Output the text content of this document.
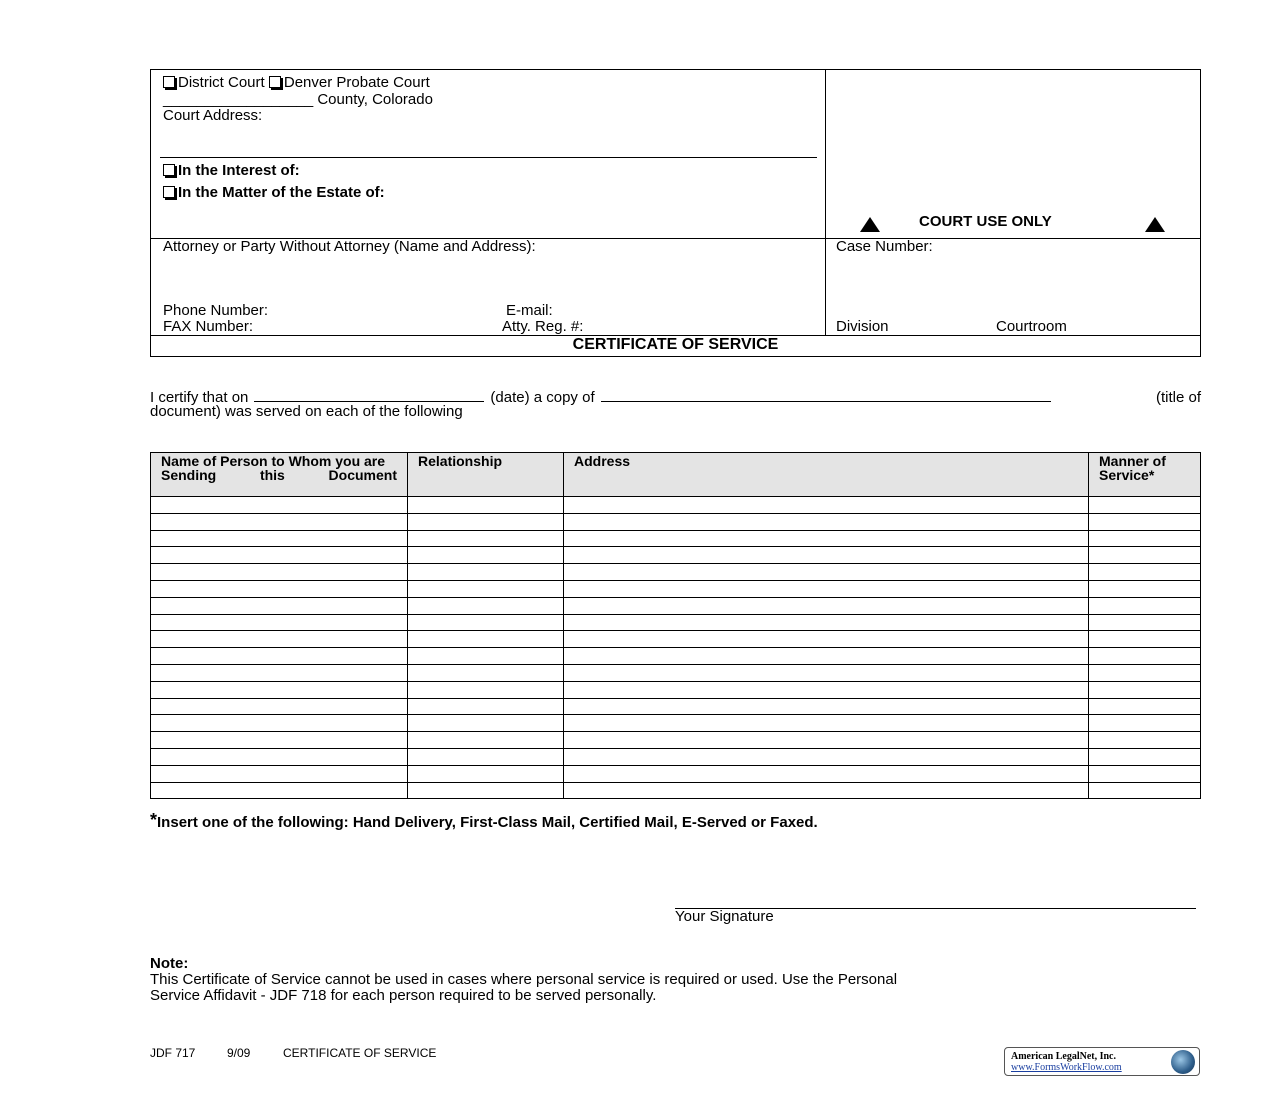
District Court Denver Probate Court
__________________ County, Colorado
Court Address:
In the Interest of:
In the Matter of the Estate of:
COURT USE ONLY
Attorney or Party Without Attorney (Name and Address):
Phone Number:	E-mail:
FAX Number:	Atty. Reg. #:
Case Number:
Division	Courtroom
CERTIFICATE OF SERVICE
I certify that on	(date) a copy of	(title of
document) was served on each of the following
Name of Person to Whom you are Sending this Document	Relationship	Address	Manner of Service*

*Insert one of the following: Hand Delivery, First-Class Mail, Certified Mail, E-Served or Faxed.
Your Signature
Note:
This Certificate of Service cannot be used in cases where personal service is required or used. Use the Personal
Service Affidavit - JDF 718 for each person required to be served personally.
JDF 717	9/09	CERTIFICATE OF SERVICE	American LegalNet, Inc.
www.FormsWorkFlow.com
